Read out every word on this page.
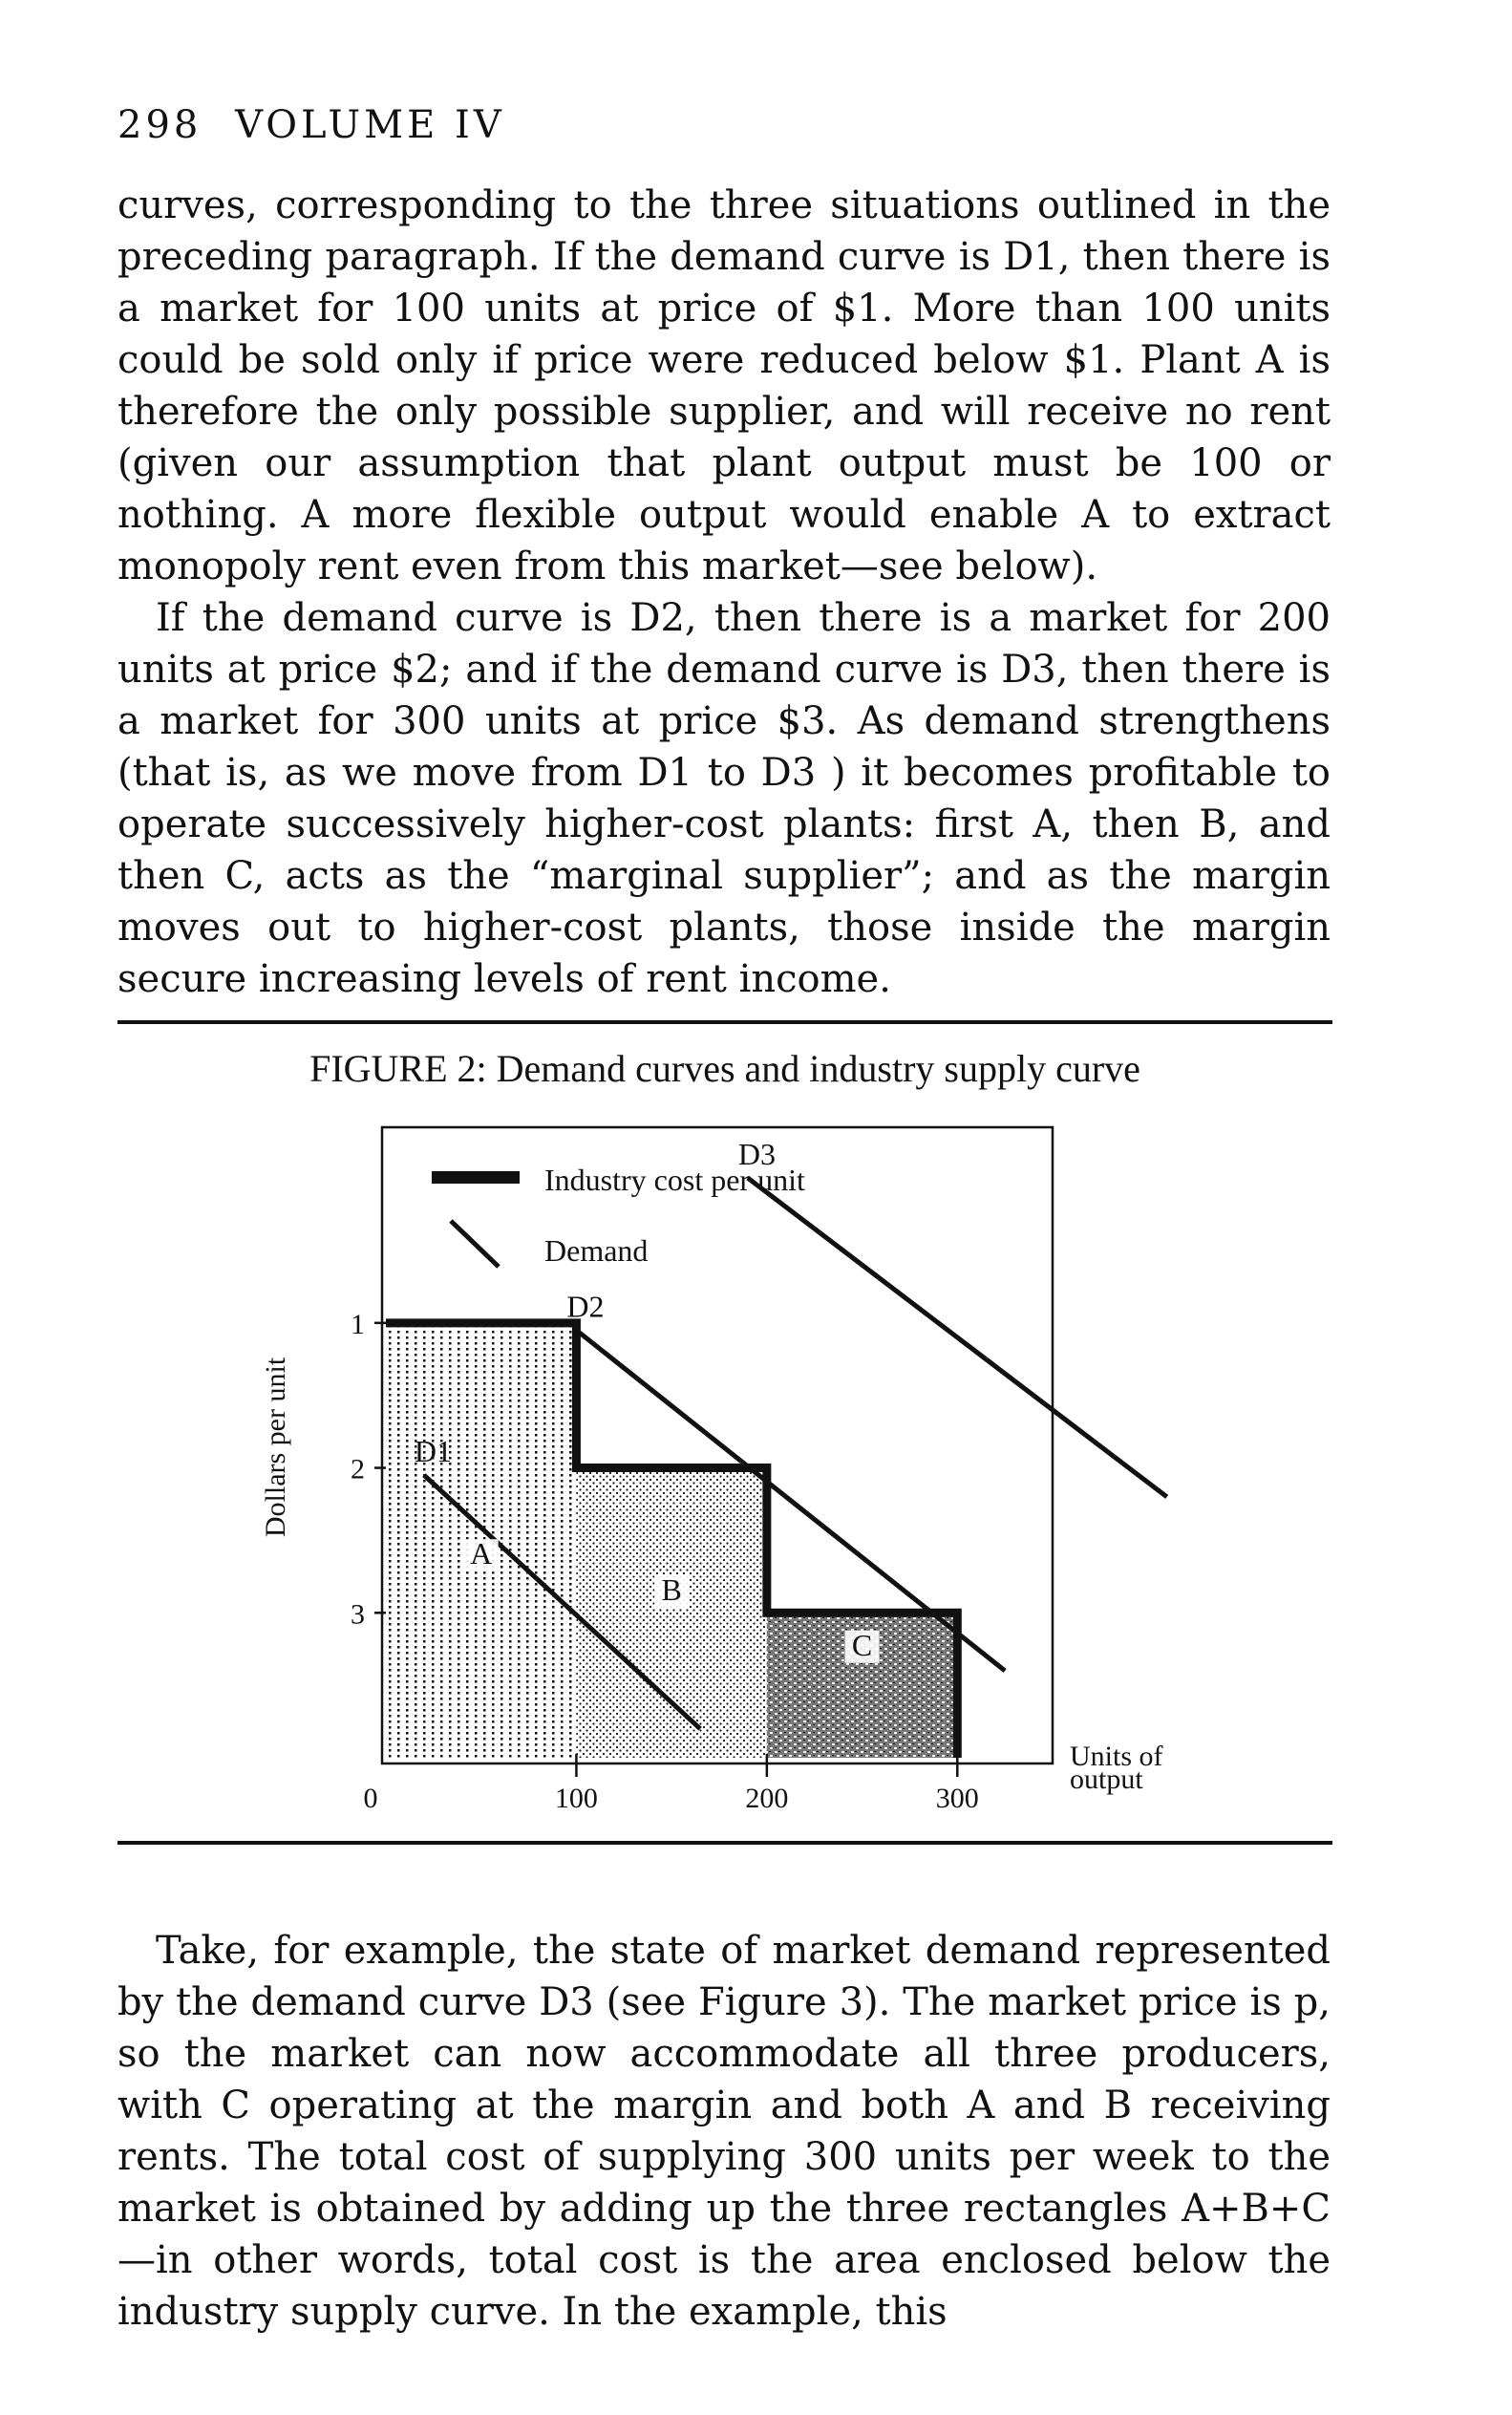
298 VOLUME IV

curves, corresponding to the three situations outlined in the preceding paragraph. If the demand curve is D1, then there is a market for 100 units at price of $1. More than 100 units could be sold only if price were reduced below $1. Plant A is therefore the only possible supplier, and will receive no rent (given our assumption that plant output must be 100 or nothing. A more flexible output would enable A to extract monopoly rent even from this market—see below).

If the demand curve is D2, then there is a market for 200 units at price $2; and if the demand curve is D3, then there is a market for 300 units at price $3. As demand strengthens (that is, as we move from D1 to D3 ) it becomes profitable to operate successively higher-cost plants: first A, then B, and then C, acts as the “marginal supplier”; and as the margin moves out to higher-cost plants, those inside the margin secure increasing levels of rent income.

FIGURE 2: Demand curves and industry supply curve

0	100	200	300
1
2
3
A
B
C
D1
D2
D3
Industry cost per unit
Demand
Dollars per unit
Units of output

Take, for example, the state of market demand represented by the demand curve D3 (see Figure 3). The market price is p, so the market can now accommodate all three producers, with C operating at the margin and both A and B receiving rents. The total cost of supplying 300 units per week to the market is obtained by adding up the three rectangles A+B+C—in other words, total cost is the area enclosed below the industry supply curve. In the example, this
